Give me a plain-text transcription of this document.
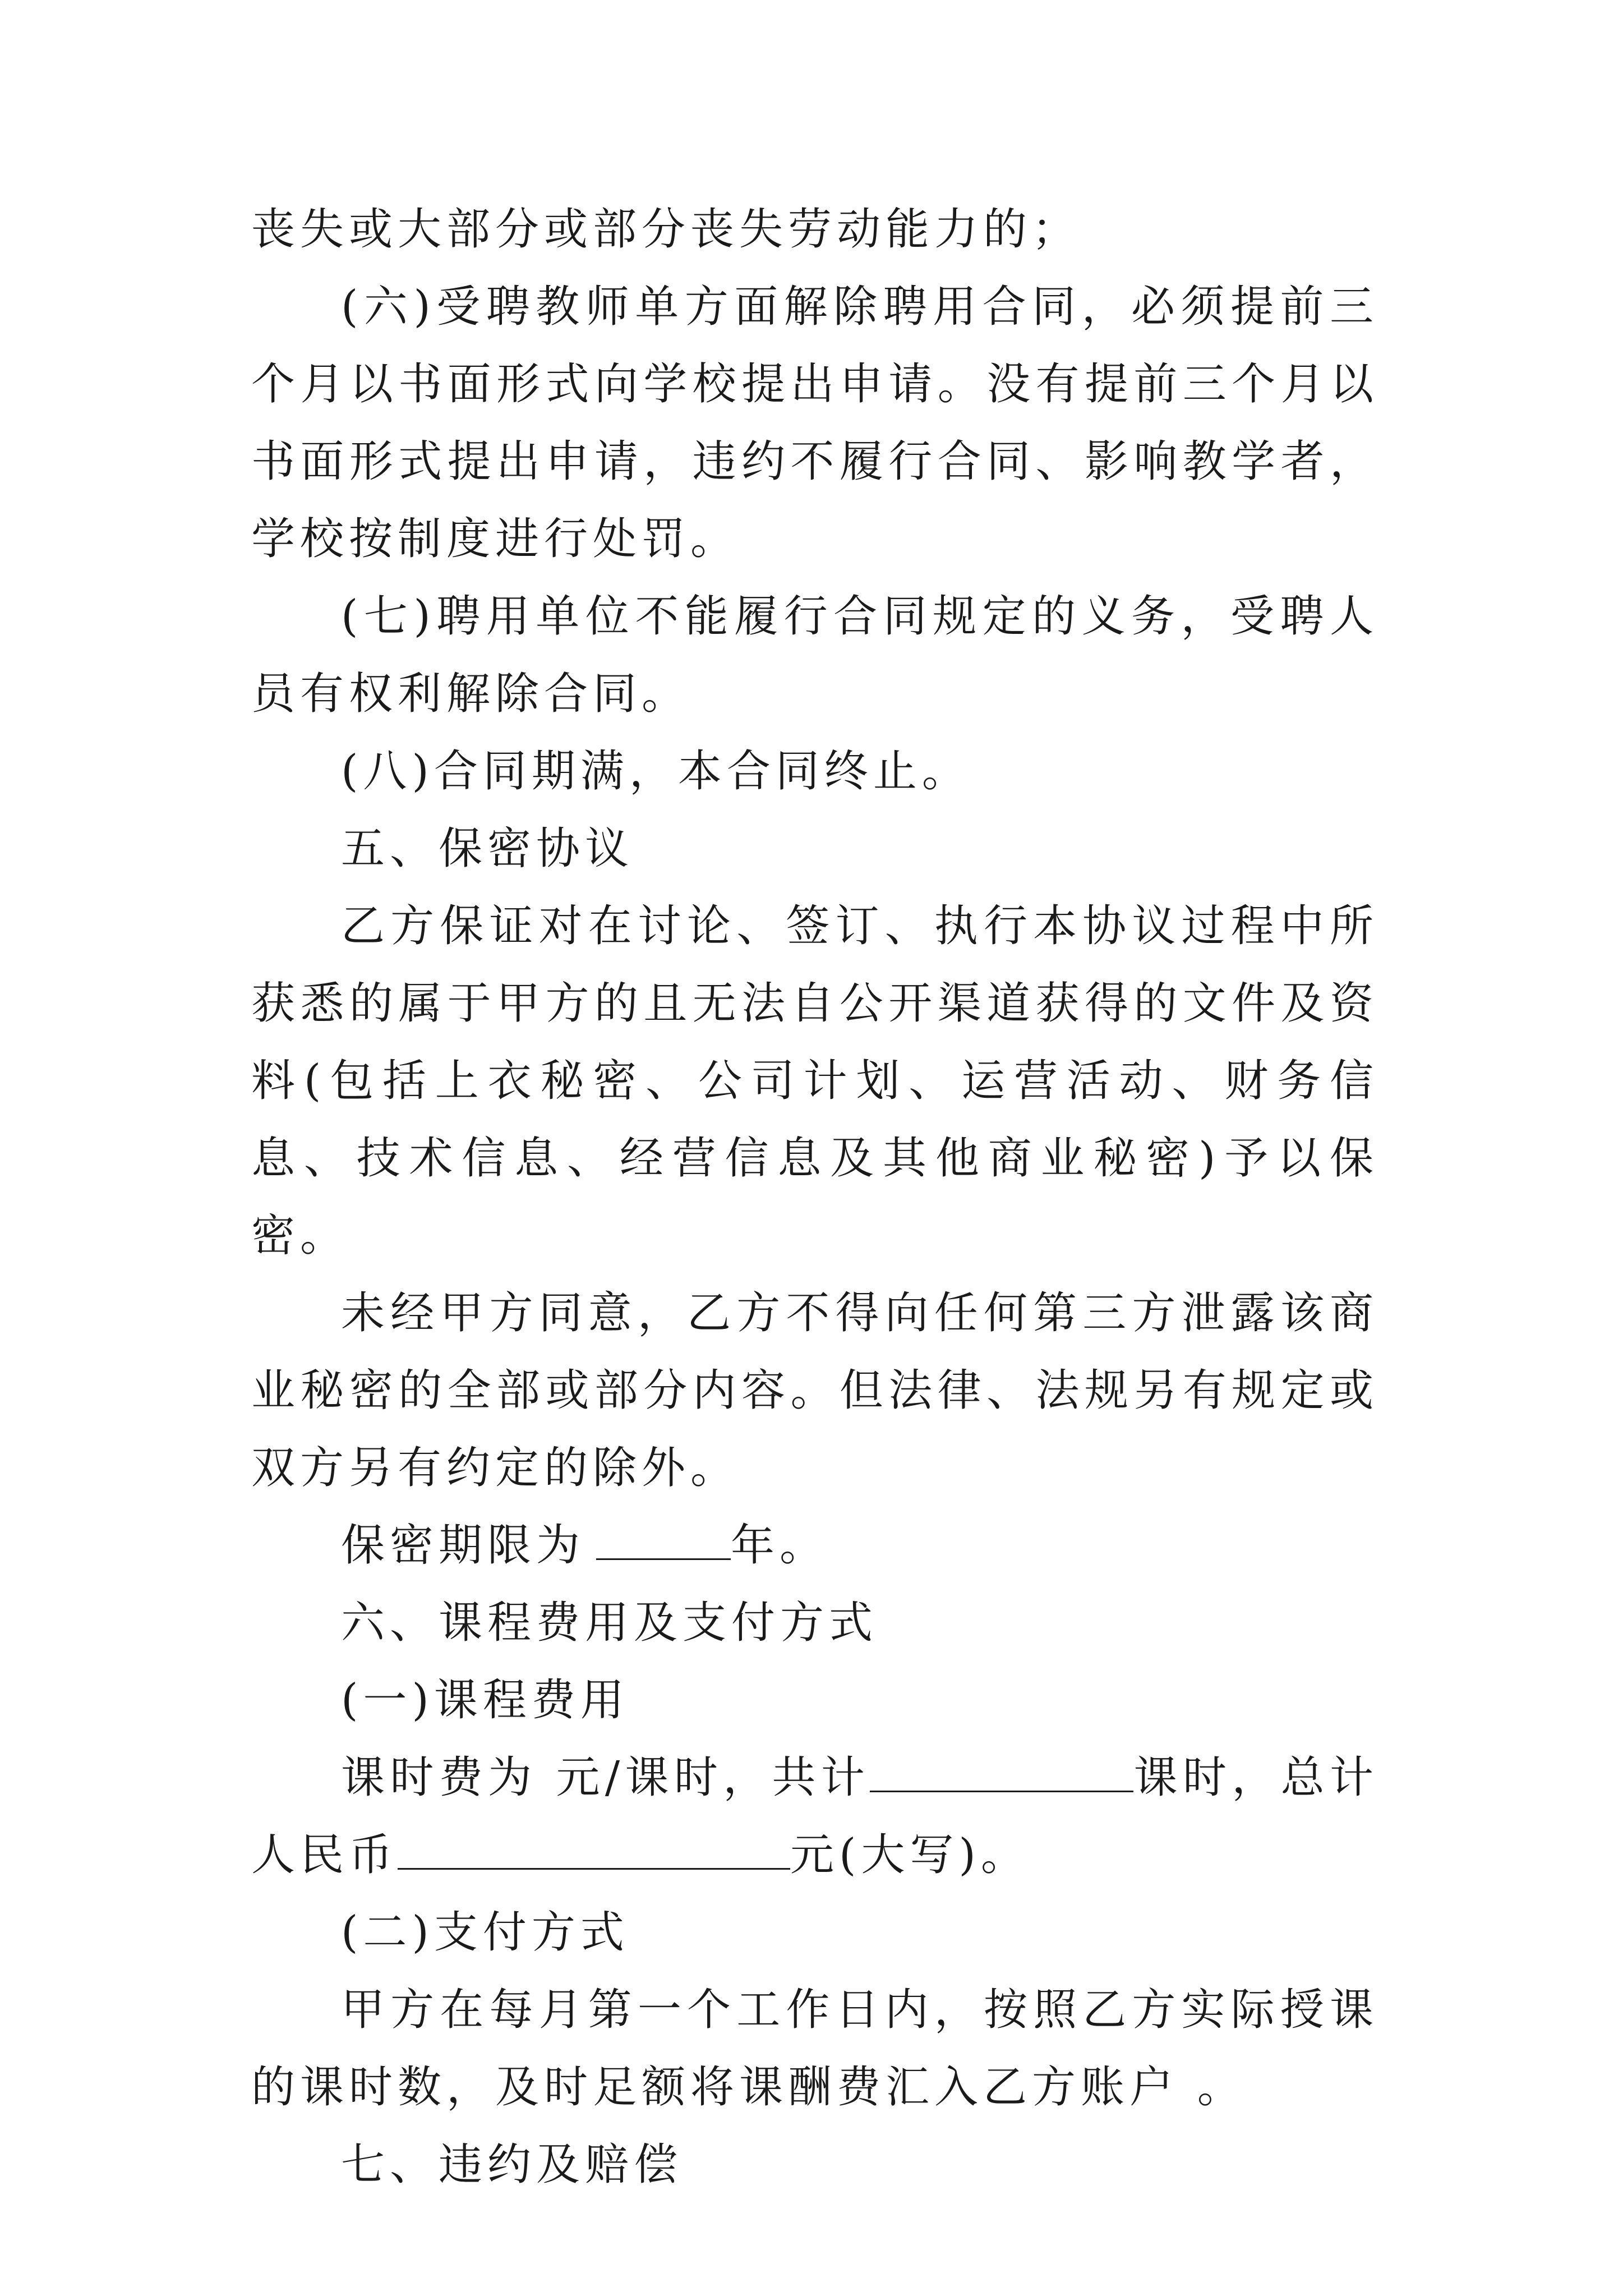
丧失或大部分或部分丧失劳动能力的；

(六)受聘教师单方面解除聘用合同，必须提前三个月以书面形式向学校提出申请。没有提前三个月以书面形式提出申请，违约不履行合同、影响教学者，学校按制度进行处罚。

(七)聘用单位不能履行合同规定的义务，受聘人员有权利解除合同。

(八)合同期满，本合同终止。

五、保密协议

乙方保证对在讨论、签订、执行本协议过程中所获悉的属于甲方的且无法自公开渠道获得的文件及资料(包括上衣秘密、公司计划、运营活动、财务信息、技术信息、经营信息及其他商业秘密)予以保密。

未经甲方同意，乙方不得向任何第三方泄露该商业秘密的全部或部分内容。但法律、法规另有规定或双方另有约定的除外。

保密期限为	年。

六、课程费用及支付方式

(一)课程费用

课时费为 元/课时，共计	课时，总计人民币	元(大写)。

(二)支付方式

甲方在每月第一个工作日内，按照乙方实际授课的课时数，及时足额将课酬费汇入乙方账户 。

七、违约及赔偿
